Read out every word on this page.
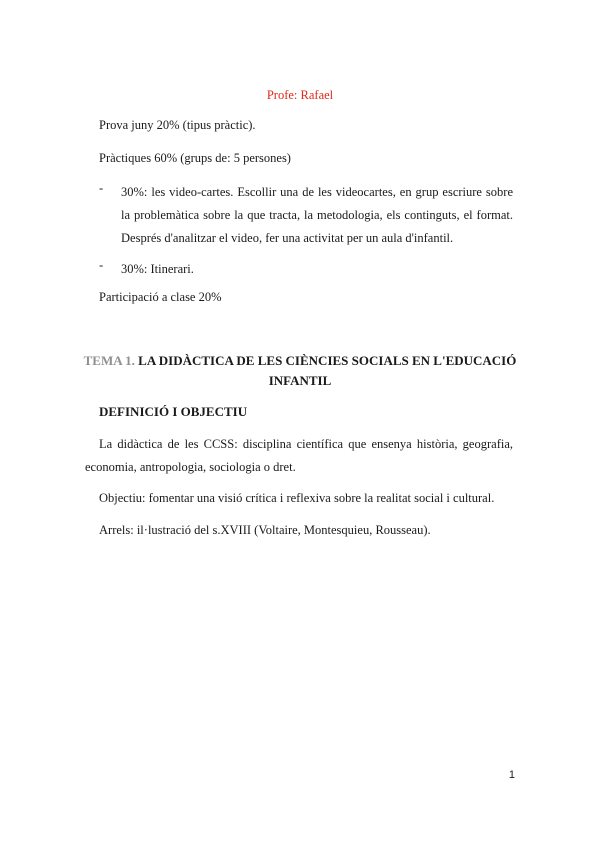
Profe: Rafael
Prova juny 20% (tipus pràctic).
Pràctiques 60% (grups de: 5 persones)
- 30%: les video-cartes. Escollir una de les videocartes, en grup escriure sobre la problemàtica sobre la que tracta, la metodologia, els continguts, el format. Després d'analitzar el video, fer una activitat per un aula d'infantil.
- 30%: Itinerari.
Participació a clase 20%
TEMA 1. LA DIDÀCTICA DE LES CIÈNCIES SOCIALS EN L'EDUCACIÓ
INFANTIL
DEFINICIÓ I OBJECTIU
La didàctica de les CCSS: disciplina científica que ensenya història, geografia, economia, antropologia, sociologia o dret.
Objectiu: fomentar una visió crítica i reflexiva sobre la realitat social i cultural.
Arrels: il·lustració del s.XVIII (Voltaire, Montesquieu, Rousseau).
1
